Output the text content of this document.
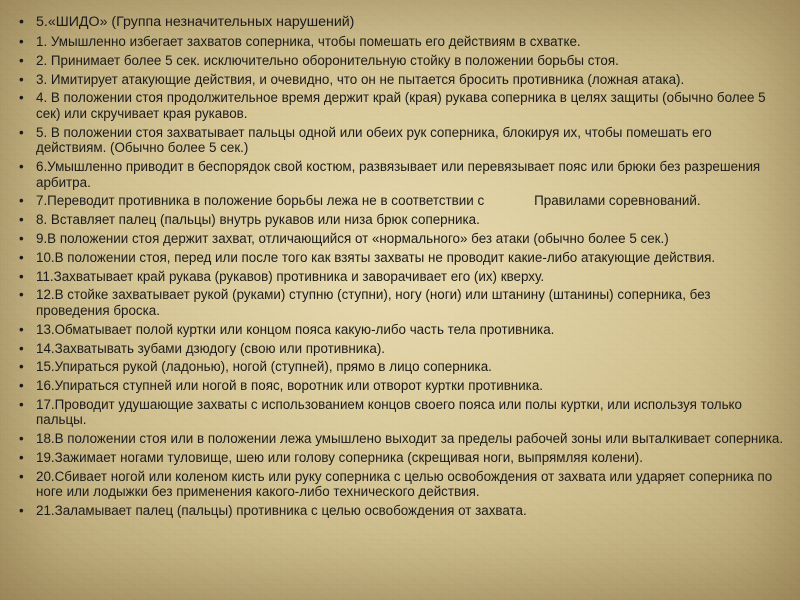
• 5.«ШИДО» (Группа незначительных нарушений)
• 1. Умышленно избегает захватов соперника, чтобы помешать его действиям в схватке.
• 2. Принимает более 5 сек. исключительно оборонительную стойку в положении борьбы стоя.
• 3. Имитирует атакующие действия, и очевидно, что он не пытается бросить противника (ложная атака).
• 4. В положении стоя продолжительное время держит край (края) рукава соперника в целях защиты (обычно более 5 сек) или скручивает края рукавов.
• 5. В положении стоя захватывает пальцы одной или обеих рук соперника, блокируя их, чтобы помешать его действиям. (Обычно более 5 сек.)
• 6.Умышленно приводит в беспорядок свой костюм, развязывает или перевязывает пояс или брюки без разрешения арбитра.
• 7.Переводит противника в положение борьбы лежа не в соответствии с	Правилами соревнований.
• 8. Вставляет палец (пальцы) внутрь рукавов или низа брюк соперника.
• 9.В положении стоя держит захват, отличающийся от «нормального» без атаки (обычно более 5 сек.)
• 10.В положении стоя, перед или после того как взяты захваты не проводит какие-либо атакующие действия.
• 11.Захватывает край рукава (рукавов) противника и заворачивает его (их) кверху.
• 12.В стойке захватывает рукой (руками) ступню (ступни), ногу (ноги) или штанину (штанины) соперника, без проведения броска.
• 13.Обматывает полой куртки или концом пояса какую-либо часть тела противника.
• 14.Захватывать зубами дзюдогу (свою или противника).
• 15.Упираться рукой (ладонью), ногой (ступней), прямо в лицо соперника.
• 16.Упираться ступней или ногой в пояс, воротник или отворот куртки противника.
• 17.Проводит удушающие захваты с использованием концов своего пояса или полы куртки, или используя только пальцы.
• 18.В положении стоя или в положении лежа умышлено выходит за пределы рабочей зоны или выталкивает соперника.
• 19.Зажимает ногами туловище, шею или голову соперника (скрещивая ноги, выпрямляя колени).
• 20.Сбивает ногой или коленом кисть или руку соперника с целью освобождения от захвата или ударяет соперника по ноге или лодыжки без применения какого-либо технического действия.
• 21.Заламывает палец (пальцы) противника с целью освобождения от захвата.
